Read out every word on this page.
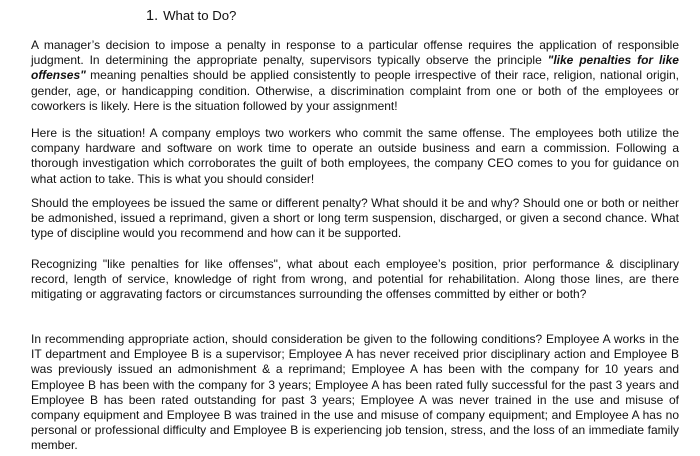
1. What to Do?

A manager’s decision to impose a penalty in response to a particular offense requires the application of responsible judgment. In determining the appropriate penalty, supervisors typically observe the principle "like penalties for like offenses" meaning penalties should be applied consistently to people irrespective of their race, religion, national origin, gender, age, or handicapping condition. Otherwise, a discrimination complaint from one or both of the employees or coworkers is likely. Here is the situation followed by your assignment!

Here is the situation! A company employs two workers who commit the same offense. The employees both utilize the company hardware and software on work time to operate an outside business and earn a commission. Following a thorough investigation which corroborates the guilt of both employees, the company CEO comes to you for guidance on what action to take. This is what you should consider!

Should the employees be issued the same or different penalty? What should it be and why? Should one or both or neither be admonished, issued a reprimand, given a short or long term suspension, discharged, or given a second chance. What type of discipline would you recommend and how can it be supported.

Recognizing "like penalties for like offenses", what about each employee’s position, prior performance & disciplinary record, length of service, knowledge of right from wrong, and potential for rehabilitation. Along those lines, are there mitigating or aggravating factors or circumstances surrounding the offenses committed by either or both?

In recommending appropriate action, should consideration be given to the following conditions? Employee A works in the IT department and Employee B is a supervisor; Employee A has never received prior disciplinary action and Employee B was previously issued an admonishment & a reprimand; Employee A has been with the company for 10 years and Employee B has been with the company for 3 years; Employee A has been rated fully successful for the past 3 years and Employee B has been rated outstanding for past 3 years; Employee A was never trained in the use and misuse of company equipment and Employee B was trained in the use and misuse of company equipment; and Employee A has no personal or professional difficulty and Employee B is experiencing job tension, stress, and the loss of an immediate family member.
